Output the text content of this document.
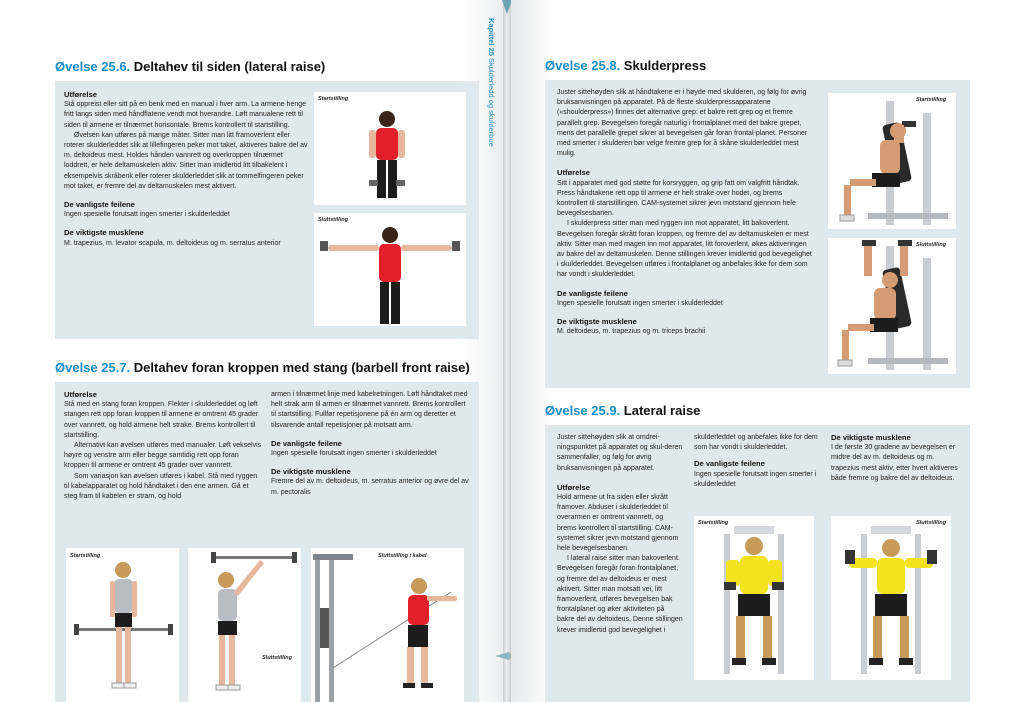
Øvelse 25.6. Deltahev til siden (lateral raise)
Utførelse

Stå oppreist eller sitt på en benk med en manual i hver arm. La armene henge fritt langs siden med håndflatene vendt mot hverandre. Løft manualene rett til siden til armene er tilnærmet horisontale. Brems kontrollert til startstilling.

Øvelsen kan utføres på mange måter. Sitter man litt framoverlent eller roterer skulderleddet slik at lillefingeren peker mot taket, aktiveres bakre del av m. deltoideus mest. Holdes hånden vannrett og overkroppen tilnærmet loddrett, er hele deltamuskelen aktiv. Sitter man imidlertid litt tilbakelent i eksempelvis skråbenk eller roterer skulderleddet slik at tommelfingeren peker mot taket, er fremre del av deltamuskelen mest aktivert.

De vanligste feilene

Ingen spesielle forutsatt ingen smerter i skulderleddet

De viktigste musklene

M. trapezius, m. levator scapula, m. deltoideus og m. serratus anterior

Startstilling
Sluttstilling
Øvelse 25.7. Deltahev foran kroppen med stang (barbell front raise)
Utførelse

Stå med en stang foran kroppen. Flekter i skulderleddet og løft stangen rett opp foran kroppen til armene er omtrent 45 grader over vannrett, og hold armene helt strake. Brems kontrollert til startstilling.

Alternativt kan øvelsen utføres med manualer. Løft vekselvis høyre og venstre arm eller begge samtidig rett opp foran kroppen til armene er omtrent 45 grader over vannrett.

Som variasjon kan øvelsen utføres i kabel. Stå med ryggen til kabelapparatet og hold håndtaket i den ene armen. Gå et steg fram til kabelen er stram, og hold

armen i tilnærmet linje med kabelretningen. Løft håndtaket med helt strak arm til armen er tilnærmet vannrett. Brems kontrollert til startstilling. Fullfør repetisjonene på én arm og deretter et tilsvarende antall repetisjoner på motsatt arm.

De vanligste feilene

Ingen spesielle forutsatt ingen smerter i skulderleddet

De viktigste musklene

Fremre del av m. deltoideus, m. serratus anterior og øvre del av m. pectoralis

Startstilling
Sluttstilling
Sluttstilling i kabel
Kapittel 25
Skulderledd og skulderbue	Øvelse 25.8. Skulderpress

Juster sittehøyden slik at håndtakene er i høyde med skulderen, og følg for øvrig bruksanvisningen på apparatet. På de fleste skulderpressapparatene («shoulderpress») finnes det alternative grep: et bakre rett grep og et fremre parallelt grep. Bevegelsen foregår naturlig i frontalplanet med det bakre grepet, mens det parallelle grepet sikrer at bevegelsen går foran frontal-planet. Personer med smerter i skulderen bør velge fremre grep for å skåne skulderleddet mest mulig.

Utførelse

Sitt i apparatet med god støtte for korsryggen, og grip fatt om valgfritt håndtak. Press håndtakene rett opp til armene er helt strake over hodet, og brems kontrollert til startstillingen. CAM-systemet sikrer jevn motstand gjennom hele bevegelsesbanen.

I skulderpress sitter man med ryggen inn mot apparatet, litt bakoverlent. Bevegelsen foregår skrått foran kroppen, og fremre del av deltamuskelen er mest aktiv. Sitter man med magen inn mot apparatet, litt foroverlent, økes aktiveringen av bakre del av deltamuskelen. Denne stillingen krever imidlertid god bevegelighet i skulderleddet. Bevegelsen utføres i frontalplanet og anbefales ikke for dem som har vondt i skulderleddet.

De vanligste feilene

Ingen spesielle forutsatt ingen smerter i skulderleddet

De viktigste musklene

M. deltoideus, m. trapezius og m. triceps brachii

Startstilling
Sluttstilling
Øvelse 25.9. Lateral raise

Juster sittehøyden slik at omdrei-ningspunktet på apparatet og skul-deren sammenfaller, og følg for øvrig bruksanvisningen på apparatet.

Utførelse

Hold armene ut fra siden eller skrått framover. Abduser i skulderleddet til overarmen er omtrent vannrett, og brems kontrollert til startstilling. CAM-systemet sikrer jevn motstand gjennom hele bevegelsesbanen.

I lateral raise sitter man bakoverlent. Bevegelsen foregår foran frontalplanet, og fremre del av deltoideus er mest aktivert. Sitter man motsatt vei, litt framoverlent, utføres bevegelsen bak frontalplanet og øker aktiviteten på bakre del av deltoideus. Denne stillingen krever imidlertid god bevegelighet i

skulderleddet og anbefales ikke for dem som har vondt i skulderleddet.

De vanligste feilene

Ingen spesielle forutsatt ingen smerter i skulderleddet

De viktigste musklene

I de første 30 gradene av bevegelsen er midtre del av m. deltoideus og m. trapezius mest aktiv, etter hvert aktiveres både fremre og bakre del av deltoideus.

Startstilling	Sluttstilling
